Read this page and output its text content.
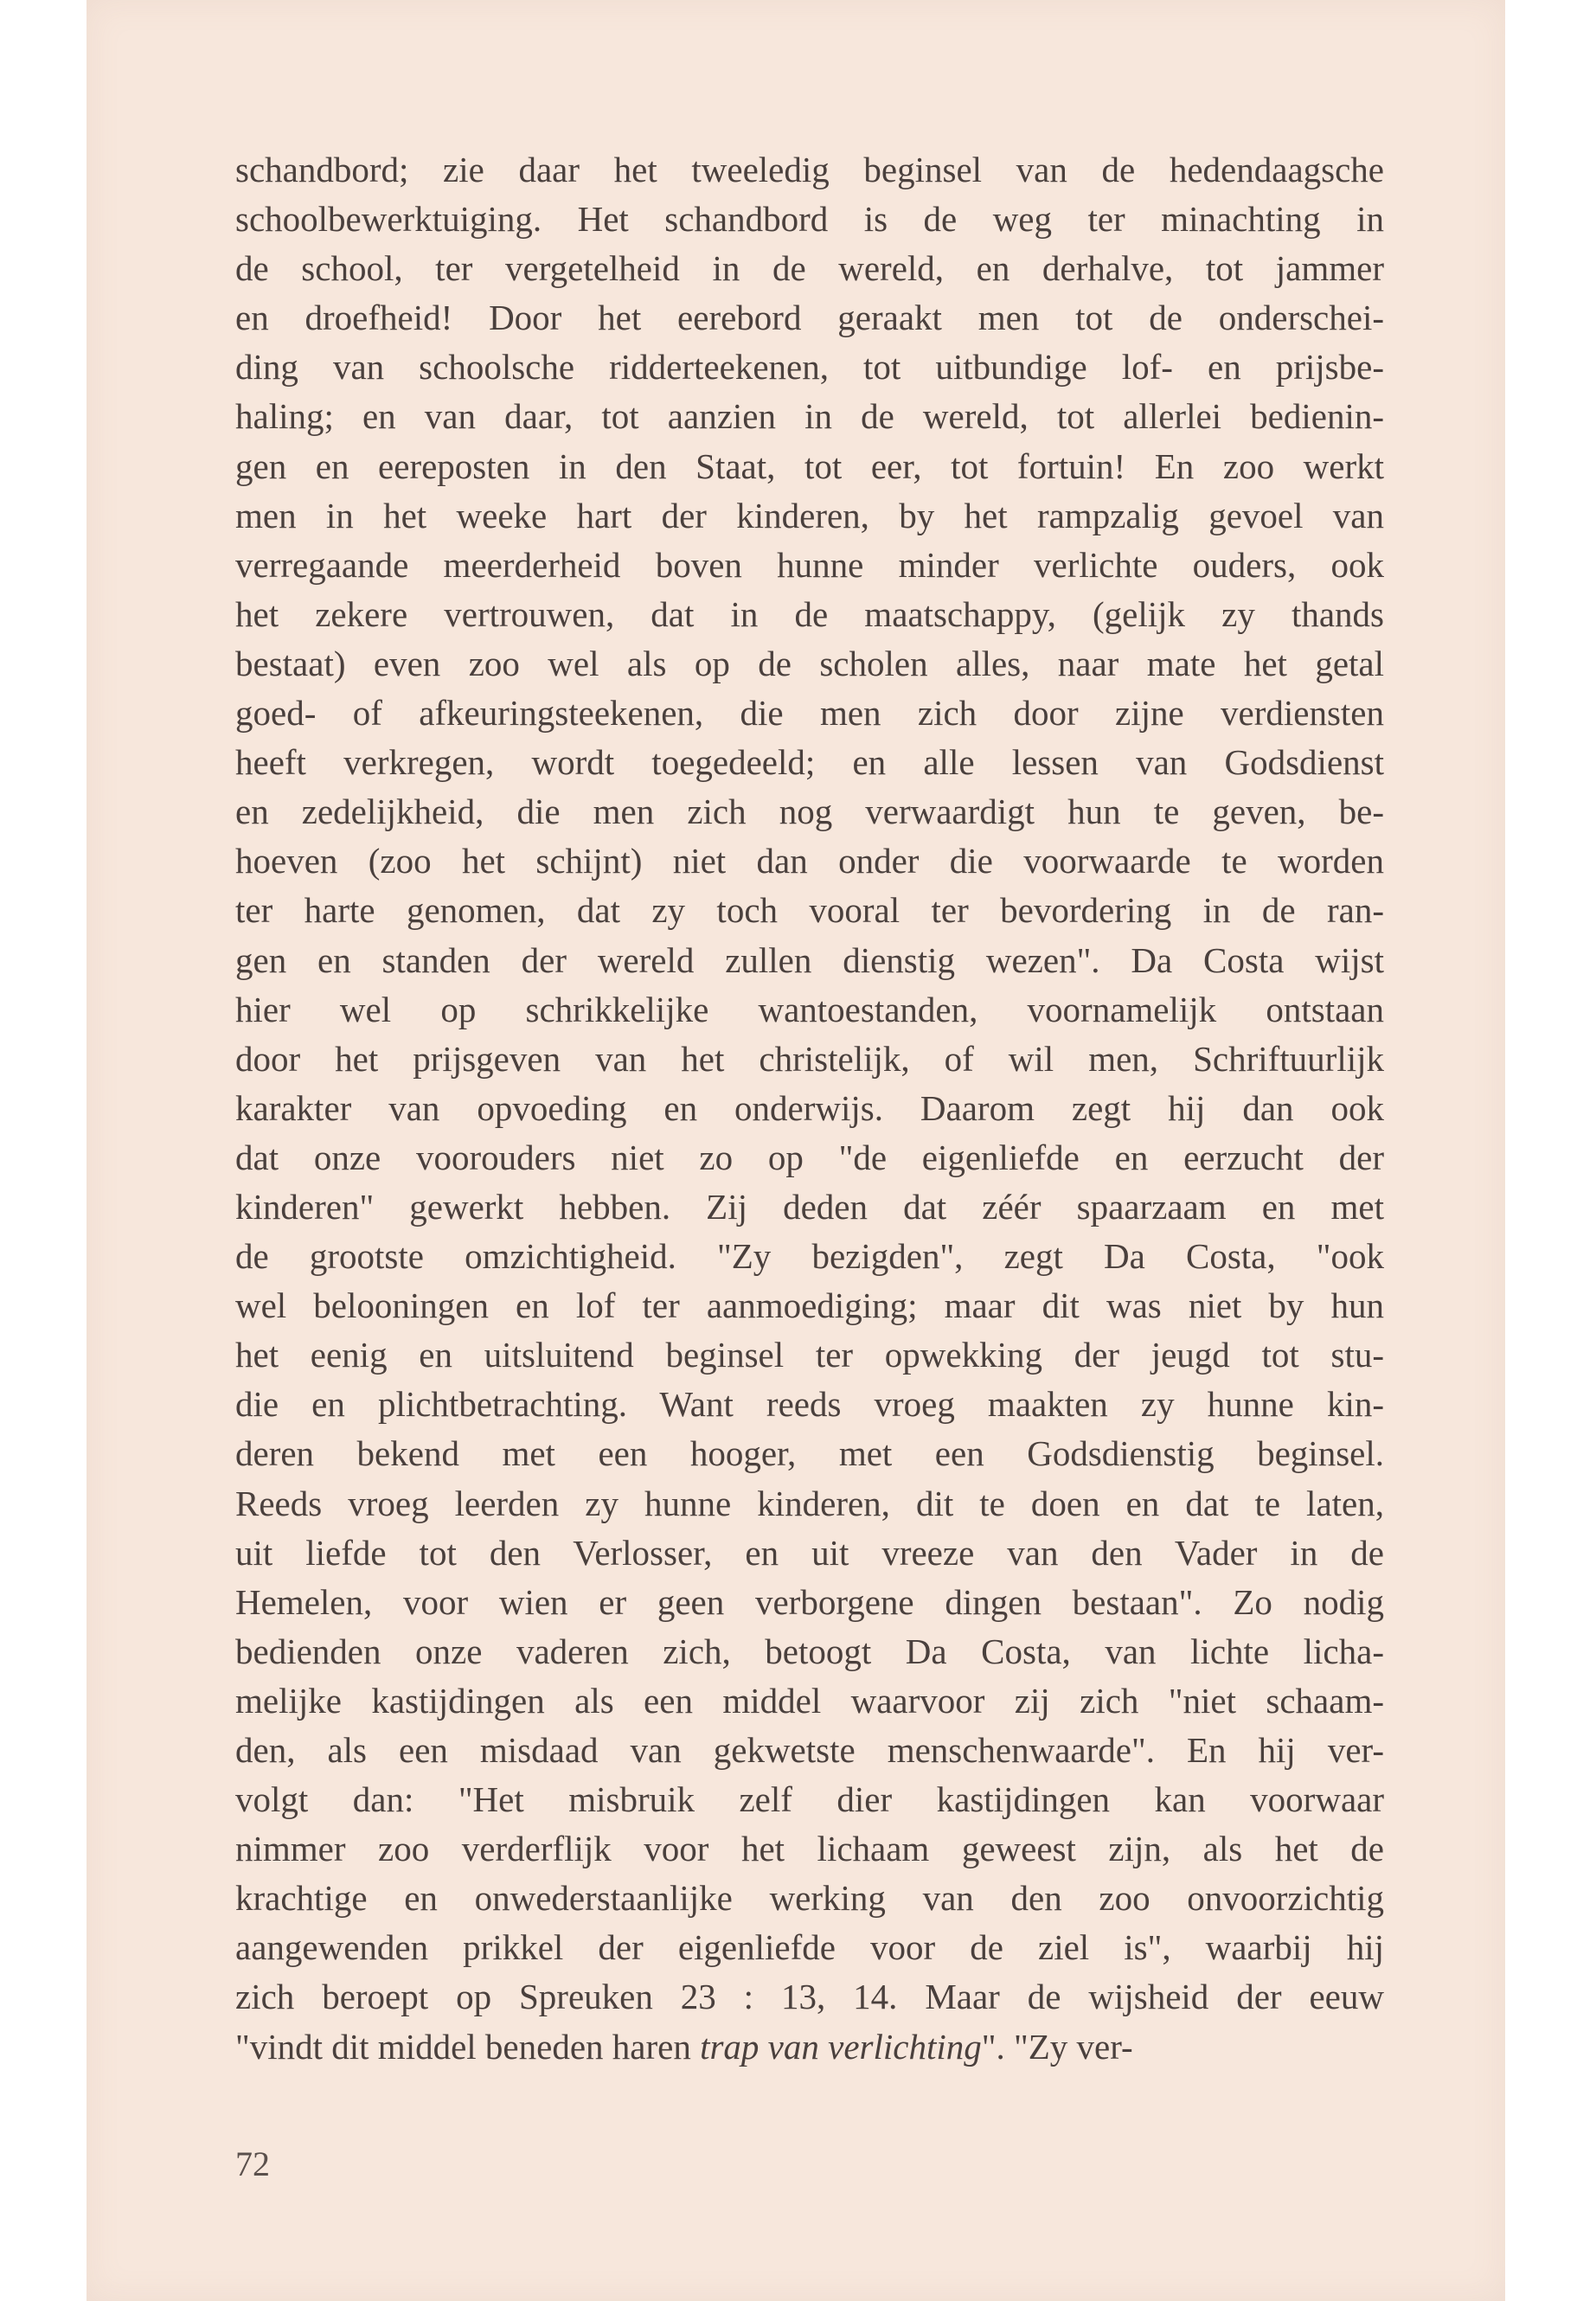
schandbord; zie daar het tweeledig beginsel van de hedendaagsche
schoolbewerktuiging. Het schandbord is de weg ter minachting in
de school, ter vergetelheid in de wereld, en derhalve, tot jammer
en droefheid! Door het eerebord geraakt men tot de onderschei-
ding van schoolsche ridderteekenen, tot uitbundige lof- en prijsbe-
haling; en van daar, tot aanzien in de wereld, tot allerlei bedienin-
gen en eereposten in den Staat, tot eer, tot fortuin! En zoo werkt
men in het weeke hart der kinderen, by het rampzalig gevoel van
verregaande meerderheid boven hunne minder verlichte ouders, ook
het zekere vertrouwen, dat in de maatschappy, (gelijk zy thands
bestaat) even zoo wel als op de scholen alles, naar mate het getal
goed- of afkeuringsteekenen, die men zich door zijne verdiensten
heeft verkregen, wordt toegedeeld; en alle lessen van Godsdienst
en zedelijkheid, die men zich nog verwaardigt hun te geven, be-
hoeven (zoo het schijnt) niet dan onder die voorwaarde te worden
ter harte genomen, dat zy toch vooral ter bevordering in de ran-
gen en standen der wereld zullen dienstig wezen". Da Costa wijst
hier wel op schrikkelijke wantoestanden, voornamelijk ontstaan
door het prijsgeven van het christelijk, of wil men, Schriftuurlijk
karakter van opvoeding en onderwijs. Daarom zegt hij dan ook
dat onze voorouders niet zo op "de eigenliefde en eerzucht der
kinderen" gewerkt hebben. Zij deden dat zéér spaarzaam en met
de grootste omzichtigheid. "Zy bezigden", zegt Da Costa, "ook
wel belooningen en lof ter aanmoediging; maar dit was niet by hun
het eenig en uitsluitend beginsel ter opwekking der jeugd tot stu-
die en plichtbetrachting. Want reeds vroeg maakten zy hunne kin-
deren bekend met een hooger, met een Godsdienstig beginsel.
Reeds vroeg leerden zy hunne kinderen, dit te doen en dat te laten,
uit liefde tot den Verlosser, en uit vreeze van den Vader in de
Hemelen, voor wien er geen verborgene dingen bestaan". Zo nodig
bedienden onze vaderen zich, betoogt Da Costa, van lichte licha-
melijke kastijdingen als een middel waarvoor zij zich "niet schaam-
den, als een misdaad van gekwetste menschenwaarde". En hij ver-
volgt dan: "Het misbruik zelf dier kastijdingen kan voorwaar
nimmer zoo verderflijk voor het lichaam geweest zijn, als het de
krachtige en onwederstaanlijke werking van den zoo onvoorzichtig
aangewenden prikkel der eigenliefde voor de ziel is", waarbij hij
zich beroept op Spreuken 23 : 13, 14. Maar de wijsheid der eeuw
"vindt dit middel beneden haren trap van verlichting". "Zy ver-
72
